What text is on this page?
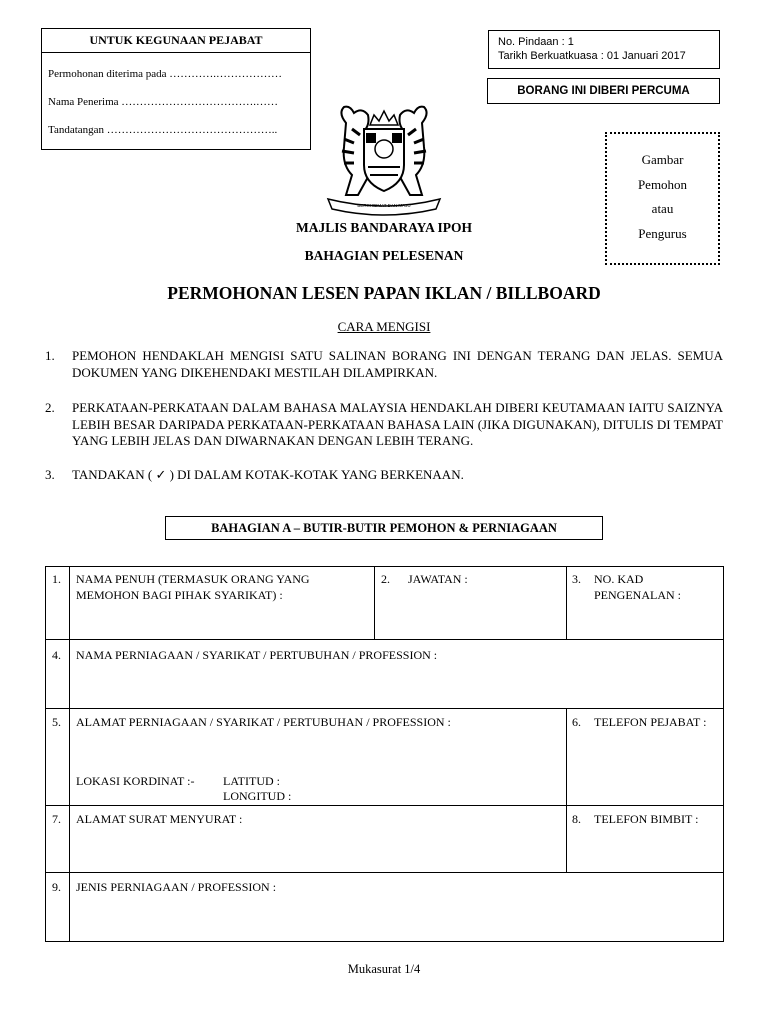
UNTUK KEGUNAAN PEJABAT
Permohonan diterima pada ………….………………
Nama Penerima ……………………………….……
Tandatangan ………………………………………..
No. Pindaan : 1
Tarikh Berkuatkuasa : 01 Januari 2017
BORANG INI DIBERI PERCUMA
BERKHIDMAT DAN MAJU
Gambar
Pemohon
atau
Pengurus
MAJLIS BANDARAYA IPOH
BAHAGIAN PELESENAN
PERMOHONAN LESEN PAPAN IKLAN / BILLBOARD
CARA MENGISI
1. PEMOHON HENDAKLAH MENGISI SATU SALINAN BORANG INI DENGAN TERANG DAN JELAS. SEMUA DOKUMEN YANG DIKEHENDAKI MESTILAH DILAMPIRKAN.
2. PERKATAAN-PERKATAAN DALAM BAHASA MALAYSIA HENDAKLAH DIBERI KEUTAMAAN IAITU SAIZNYA LEBIH BESAR DARIPADA PERKATAAN-PERKATAAN BAHASA LAIN (JIKA DIGUNAKAN), DITULIS DI TEMPAT YANG LEBIH JELAS DAN DIWARNAKAN DENGAN LEBIH TERANG.
3. TANDAKAN ( ✓ ) DI DALAM KOTAK-KOTAK YANG BERKENAAN.
BAHAGIAN A – BUTIR-BUTIR PEMOHON & PERNIAGAAN
1. NAMA PENUH (TERMASUK ORANG YANG MEMOHON BAGI PIHAK SYARIKAT) :
2. JAWATAN :	3. NO. KAD PENGENALAN :
4. NAMA PERNIAGAAN / SYARIKAT / PERTUBUHAN / PROFESSION :
5. ALAMAT PERNIAGAAN / SYARIKAT / PERTUBUHAN / PROFESSION :
LOKASI KORDINAT :- LATITUD :
LONGITUD :
6. TELEFON PEJABAT :
7. ALAMAT SURAT MENYURAT :	8. TELEFON BIMBIT :
9. JENIS PERNIAGAAN / PROFESSION :
Mukasurat 1/4
